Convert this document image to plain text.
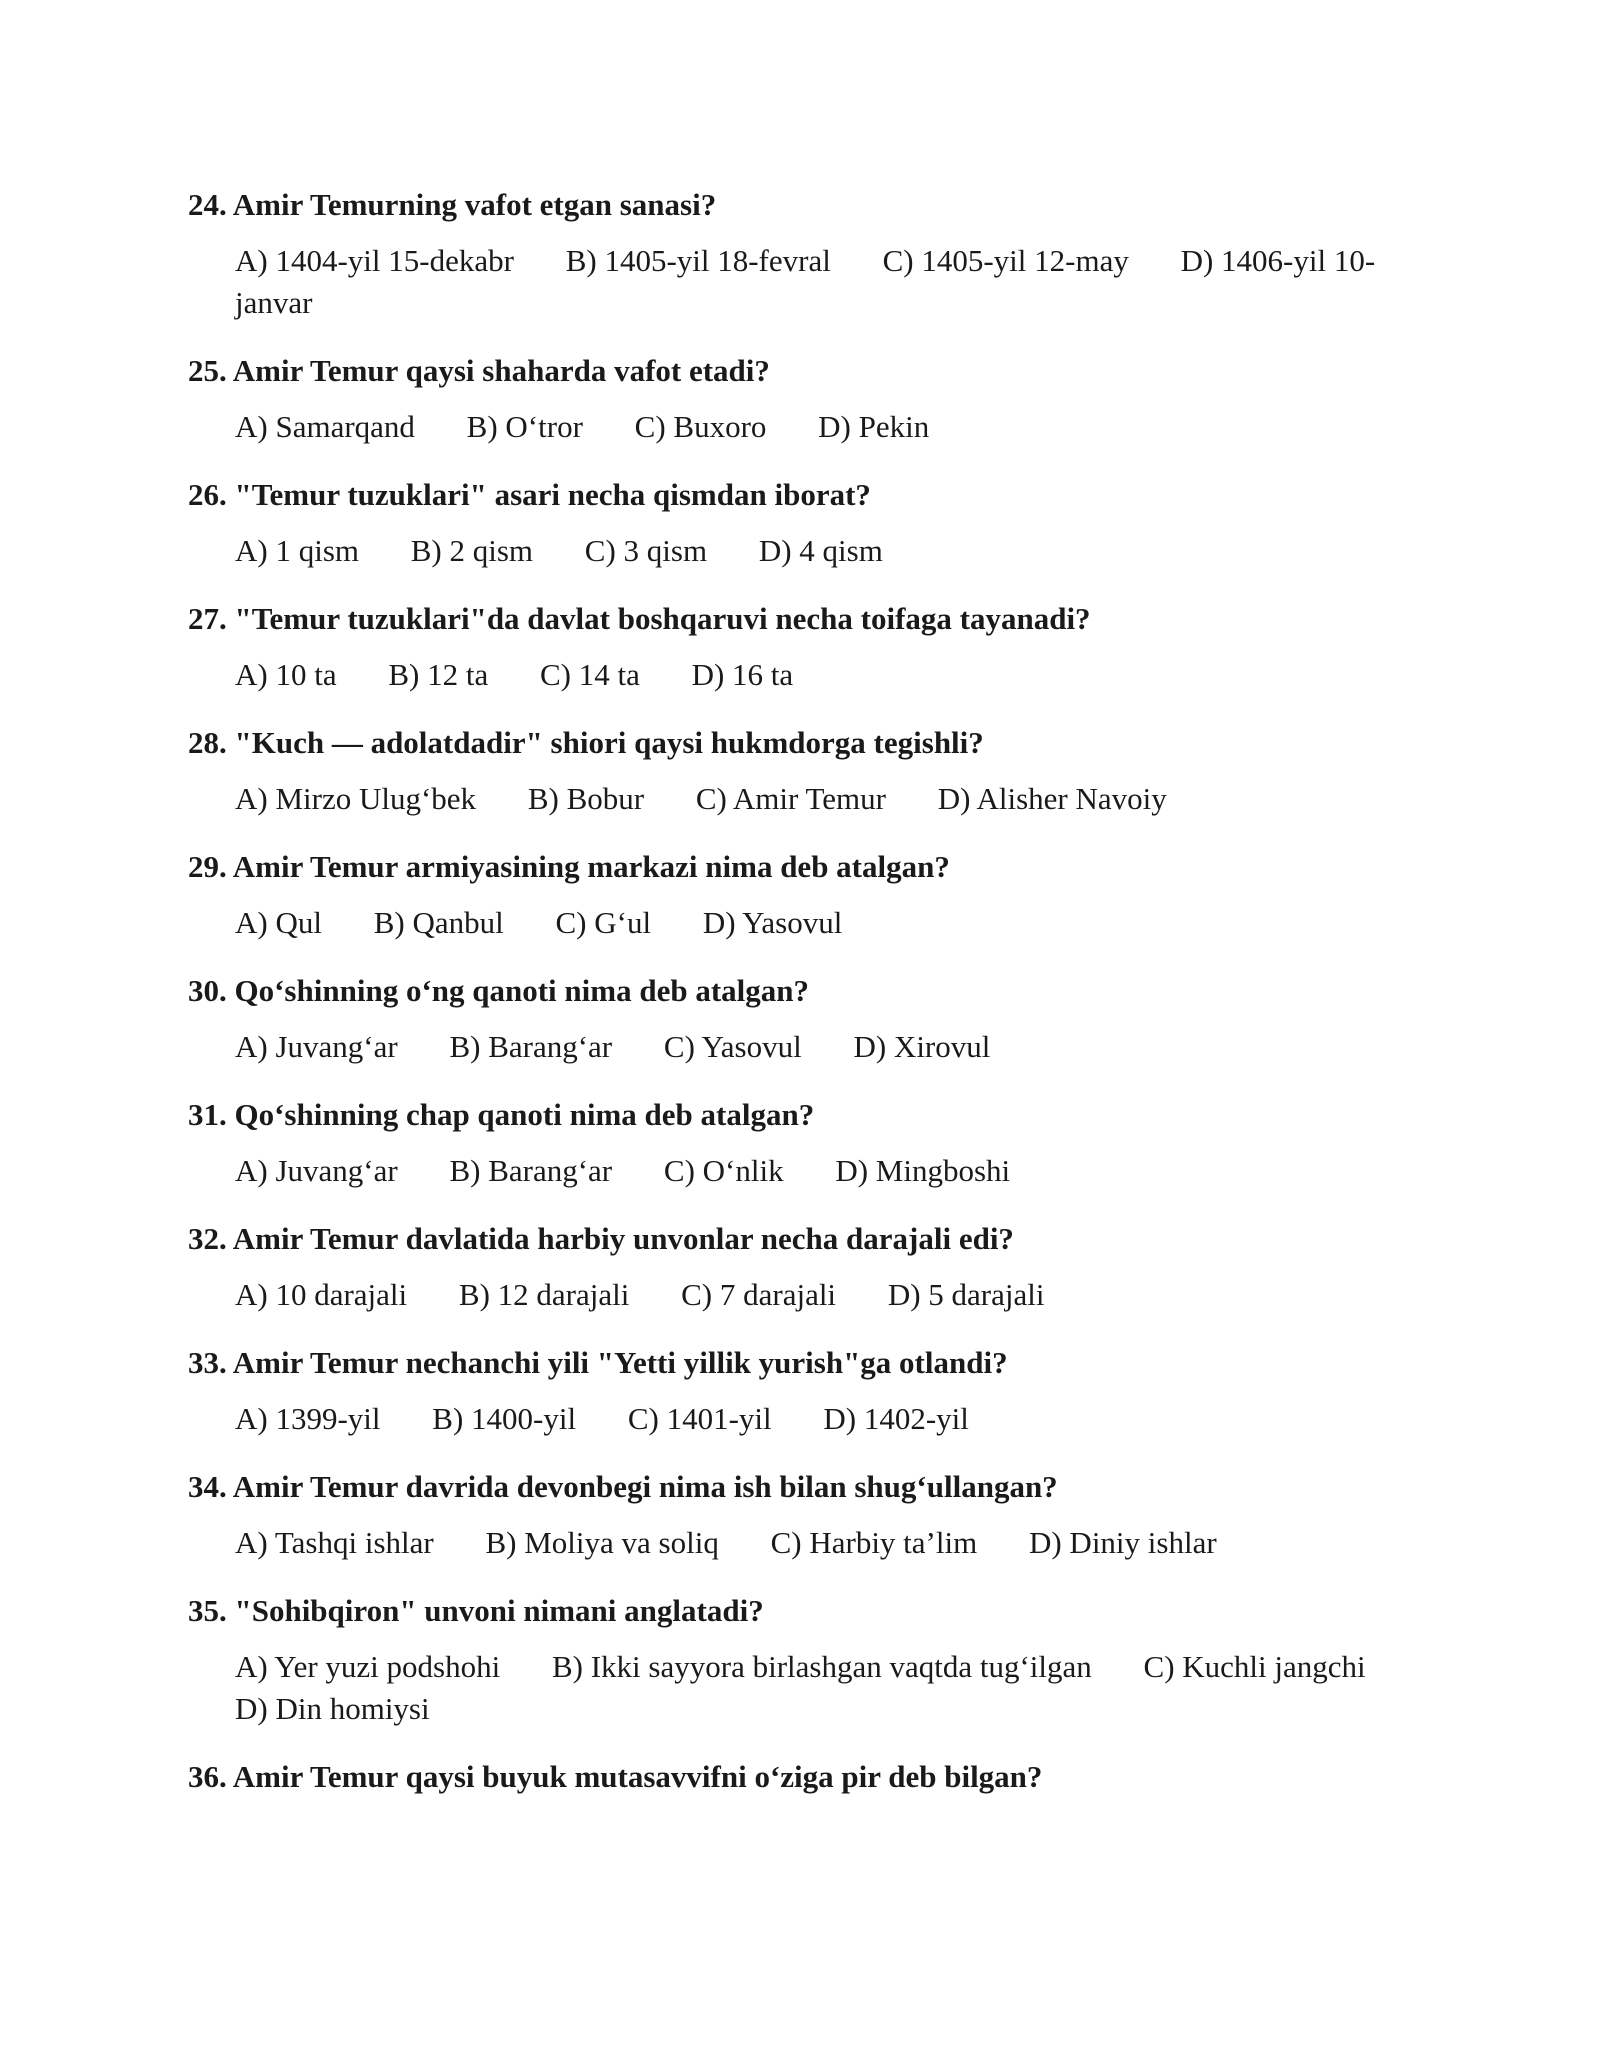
24. Amir Temurning vafot etgan sanasi?
A) 1404-yil 15-dekabr B) 1405-yil 18-fevral C) 1405-yil 12-may D) 1406-yil 10-janvar
25. Amir Temur qaysi shaharda vafot etadi?
A) Samarqand B) O‘tror C) Buxoro D) Pekin
26. "Temur tuzuklari" asari necha qismdan iborat?
A) 1 qism B) 2 qism C) 3 qism D) 4 qism
27. "Temur tuzuklari"da davlat boshqaruvi necha toifaga tayanadi?
A) 10 ta B) 12 ta C) 14 ta D) 16 ta
28. "Kuch — adolatdadir" shiori qaysi hukmdorga tegishli?
A) Mirzo Ulug‘bek B) Bobur C) Amir Temur D) Alisher Navoiy
29. Amir Temur armiyasining markazi nima deb atalgan?
A) Qul B) Qanbul C) G‘ul D) Yasovul
30. Qo‘shinning o‘ng qanoti nima deb atalgan?
A) Juvang‘ar B) Barang‘ar C) Yasovul D) Xirovul
31. Qo‘shinning chap qanoti nima deb atalgan?
A) Juvang‘ar B) Barang‘ar C) O‘nlik D) Mingboshi
32. Amir Temur davlatida harbiy unvonlar necha darajali edi?
A) 10 darajali B) 12 darajali C) 7 darajali D) 5 darajali
33. Amir Temur nechanchi yili "Yetti yillik yurish"ga otlandi?
A) 1399-yil B) 1400-yil C) 1401-yil D) 1402-yil
34. Amir Temur davrida devonbegi nima ish bilan shug‘ullangan?
A) Tashqi ishlar B) Moliya va soliq C) Harbiy ta’lim D) Diniy ishlar
35. "Sohibqiron" unvoni nimani anglatadi?
A) Yer yuzi podshohi B) Ikki sayyora birlashgan vaqtda tug‘ilgan C) Kuchli jangchi D) Din homiysi
36. Amir Temur qaysi buyuk mutasavvifni o‘ziga pir deb bilgan?
